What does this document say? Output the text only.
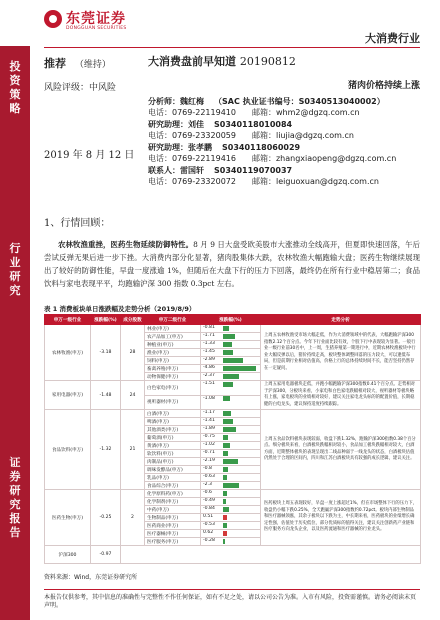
东莞证券
DONGGUAN SECURITIES
大消费行业
投
资
策
略
行
业
研
究
证
券
研
究
报
告
推荐 （维持）
风险评级：中风险
大消费盘前早知道 20190812
猪肉价格持续上涨
分析师：魏红梅 （SAC 执业证书编号：S0340513040002）
电话：0769-22119410 邮箱：whm2@dgzq.com.cn
研究助理：刘佳 S0340118010084
电话：0769-23320059 邮箱：liujia@dgzq.com.cn
研究助理：张孝鹏 S0340118060029
电话：0769-22119416 邮箱：zhangxiaopeng@dgzq.com.cn
联系人：雷国轩 S0340119070037
电话：0769-23320072 邮箱：leiguoxuan@dgzq.com.cn
2019 年 8 月 12 日
1、行情回顾：
农林牧渔重挫，医药生物延续防御特性。8 月 9 日大盘受欧美股市大涨推动全线高开，但夏即快速回落，午后尝试反弹无果后进一步下挫。大消费内部分化显著，猪肉股集体大跌，农林牧渔大幅跑输大盘；医药生物继续展现出了较好的防御性能，早盘一度涨逾 1%，但随后在大盘下行的压力下回落，最终仍在所有行业中稳居第二；食品饮料与家电表现平平，均跑输沪深 300 指数 0.3pct 左右。
表 1 消费板块单日涨跌幅及走势分析（2019/8/9）
申万一级行业	涨跌幅(%)	成分股数	申万二级行业	涨跌幅(%)	走势分析
农林牧渔(申万)	-3.18	28	林业(申万)	-0.81	上周五农林牧渔受市场大幅走低，作为大消费领域中的代表，大幅跑输沪深300指数2.12个百分点。今年下行业面比较有效，个股下行中表现较为显著。一般行业一级行业前30名中，上一周，生猪养殖第一期进行中，近期农林牧渔板块中行业大幅反弹以后，猪价持续走高，板块整体调整回落的压力较大，可以逢低布局，但是前期行业相对估值高，价格上行的总体持续时间不长，能否坚持仍然存在一定疑问。
			农产品加工(申万)	-1.71	

			种植业(申万)	-1.33	

			渔业(申万)	-1.45	

			饲料(申万)	-2.89	

			畜禽养殖(申万)	-4.86	

			动物保健(申万)	-2.37	

家用电器(申万)	-1.48	24	白色家电(申万)	-1.51	上周五家用电器板块走低，并跑小幅跑输沪深300指数0.41个百分点。走势相对于沪深300，分板块来看，小家电和白色家电跌幅相对较大，视听器材等板块略有上涨，家电板块的业绩相对较好，建议关注家电龙头标的的配置价值，长期稳健的白电龙头，建议保持适度持续跟踪。
			视听器材(申万)	-1.08	

食品饮料(申万)	-1.32	21	白酒(申万)	-1.17	上周五食品饮料板块表现较弱，收盘下跌1.32%，跑输沪深300指数0.38个百分点。细分板块来看，白酒板块跌幅相对较小，食品加工板块跌幅相对较大，白酒方面，近期整体板块的表现呈现出二线品种弱于一线龙头的状态，白酒板块估值仍然处于合理的区间内，四川和江苏白酒板块具有较强的成长逻辑，建议关注。
			啤酒(申万)	-1.41	

			其他酒类(申万)	-1.89	

			葡萄酒(申万)	-0.75	

			黄酒(申万)	-1.02	

			软饮料(申万)	-0.71	

			肉制品(申万)	-2.19	

			调味发酵品(申万)	-0.8	

			乳品(申万)	-0.63	

			食品综合(申万)	-2.3	

医药生物(申万)	-0.25	2	化学原料药(申万)	-0.6	医药板块上周五表现较好，早盘一度上涨超过1%，但在市场整体下行的压力下，收盘仍小幅下跌0.25%，全天跑赢沪深300指数约0.72pct。板块内部生物制品和医疗器械领涨，其余子板块以下跌为主，中长期来看，医药板块的业绩增长确定性强，估值处于历史低位，部分优质标的值得关注，建议关注创新药产业链和医疗服务方向龙头企业，以及医药流通和医疗器械的行业龙头。
			化学制剂(申万)	-0.49	

			中药(申万)	-0.84	

			生物制品(申万)	0.51	

			医药商业(申万)	-0.53	

			医疗器械(申万)	0.62	

			医疗服务(申万)	-0.28	

沪深300	-0.97				
资料来源：Wind，东莞证券研究所
本报告仅供参考，其中信息的准确性与完整性不作任何保证，如有不足之处，请以公司公告为准。入市有风险，投资需谨慎。请务必阅读末页声明。
